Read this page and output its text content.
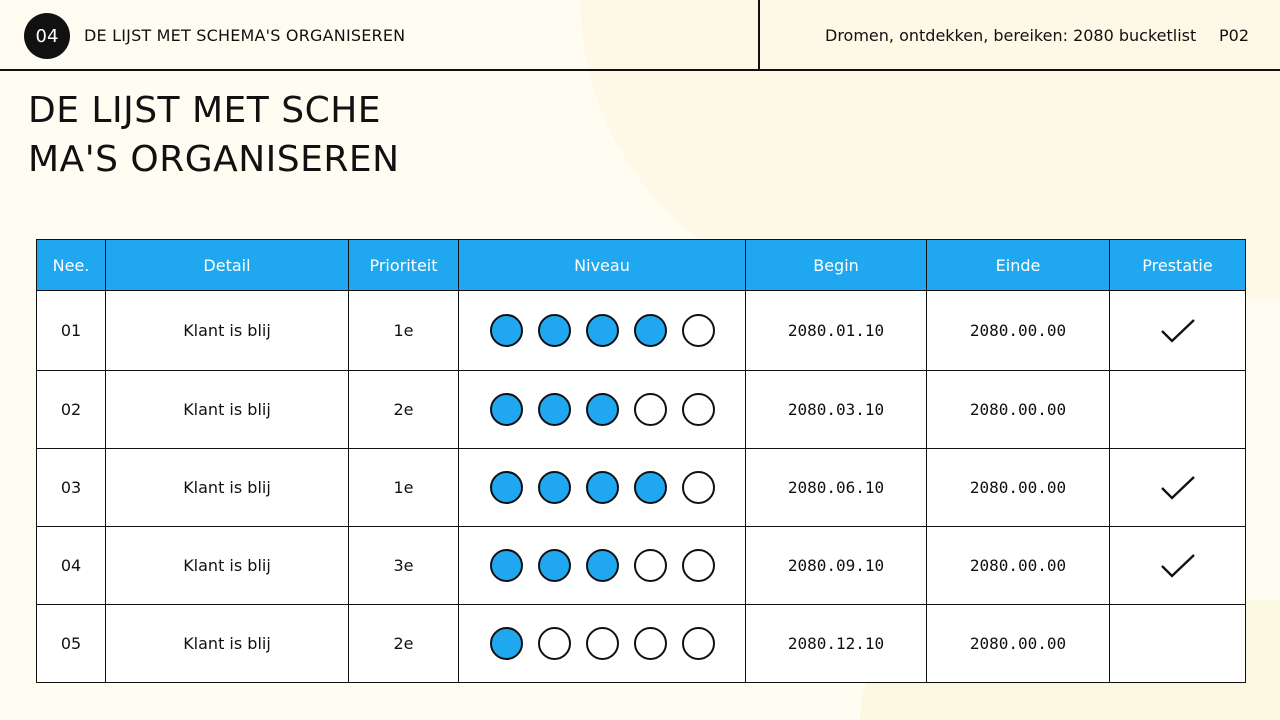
04	DE LIJST MET SCHEMA'S ORGANISEREN	Dromen, ontdekken, bereiken: 2080 bucketlist P02
DE LIJST MET SCHEMA'S ORGANISEREN
Nee.	Detail	Prioriteit	Niveau	Begin	Einde	Prestatie
01	Klant is blij	1e		2080.01.10	2080.00.00	

02	Klant is blij	2e		2080.03.10	2080.00.00	
03	Klant is blij	1e		2080.06.10	2080.00.00	

04	Klant is blij	3e		2080.09.10	2080.00.00	

05	Klant is blij	2e		2080.12.10	2080.00.00	
